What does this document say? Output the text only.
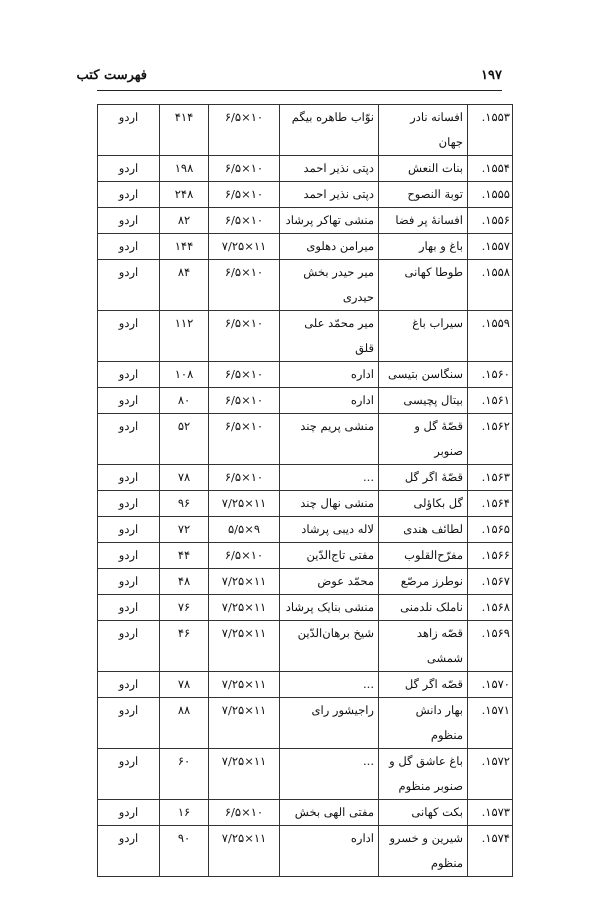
۱۹۷
فهرست کتب
۱۵۵۳.	افسانه نادر جهان	نوّاب طاهره بیگم	۱۰×۶/۵	۴۱۴	اردو
۱۵۵۴.	بنات النعش	دپتی نذیر احمد	۱۰×۶/۵	۱۹۸	اردو
۱۵۵۵.	توبة النصوح	دپتی نذیر احمد	۱۰×۶/۵	۲۴۸	اردو
۱۵۵۶.	افسانهٔ پر فضا	منشی تهاکر پرشاد	۱۰×۶/۵	۸۲	اردو
۱۵۵۷.	باغ و بهار	میرامن دهلوی	۱۱×۷/۲۵	۱۴۴	اردو
۱۵۵۸.	طوطا کهانی	میر حیدر بخش حیدری	۱۰×۶/۵	۸۴	اردو
۱۵۵۹.	سیراب باغ	میر محمّد علی قلق	۱۰×۶/۵	۱۱۲	اردو
۱۵۶۰.	سنگاسن بتیسی	اداره	۱۰×۶/۵	۱۰۸	اردو
۱۵۶۱.	بیتال پچیسی	اداره	۱۰×۶/۵	۸۰	اردو
۱۵۶۲.	قصّهٔ گل و صنوبر	منشی پریم چند	۱۰×۶/۵	۵۲	اردو
۱۵۶۳.	قصّهٔ اگر گل	...	۱۰×۶/۵	۷۸	اردو
۱۵۶۴.	گل بکاؤلی	منشی نهال چند	۱۱×۷/۲۵	۹۶	اردو
۱۵۶۵.	لطائف هندی	لاله دیبی پرشاد	۹×۵/۵	۷۲	اردو
۱۵۶۶.	مفرّح‌القلوب	مفتی تاج‌الدّین	۱۰×۶/۵	۴۴	اردو
۱۵۶۷.	نوطرز مرصّع	محمّد عوض	۱۱×۷/۲۵	۴۸	اردو
۱۵۶۸.	ناملک نلدمنی	منشی بنایک پرشاد	۱۱×۷/۲۵	۷۶	اردو
۱۵۶۹.	قصّه زاهد شمشی	شیخ برهان‌الدّین	۱۱×۷/۲۵	۴۶	اردو
۱۵۷۰.	قصّه اگر گل	...	۱۱×۷/۲۵	۷۸	اردو
۱۵۷۱.	بهار دانش منظوم	راجیشور رای	۱۱×۷/۲۵	۸۸	اردو
۱۵۷۲.	باغ عاشق گل و صنوبر منظوم	...	۱۱×۷/۲۵	۶۰	اردو
۱۵۷۳.	بکت کهانی	مفتی الهی بخش	۱۰×۶/۵	۱۶	اردو
۱۵۷۴.	شیرین و خسرو منظوم	اداره	۱۱×۷/۲۵	۹۰	اردو
